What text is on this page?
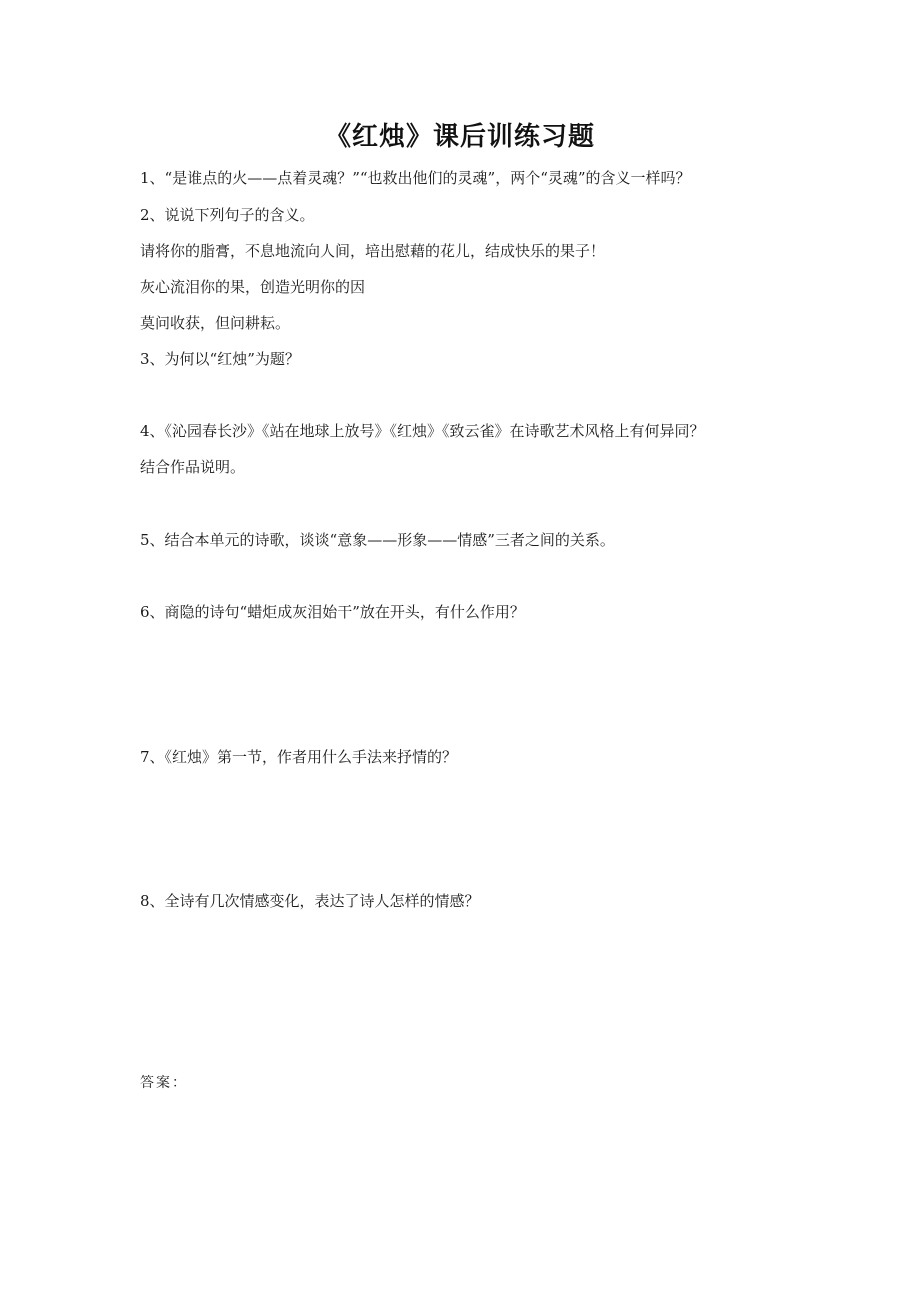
《红烛》课后训练习题
1、“是谁点的火——点着灵魂？”“也救出他们的灵魂”，两个“灵魂”的含义一样吗？
2、说说下列句子的含义。
请将你的脂膏，不息地流向人间，培出慰藉的花儿，结成快乐的果子！
灰心流泪你的果，创造光明你的因
莫问收获，但问耕耘。
3、为何以“红烛”为题？
4、《沁园春长沙》《站在地球上放号》《红烛》《致云雀》在诗歌艺术风格上有何异同？
结合作品说明。
5、结合本单元的诗歌，谈谈“意象——形象——情感”三者之间的关系。
6、商隐的诗句“蜡炬成灰泪始干”放在开头，有什么作用？
7、《红烛》第一节，作者用什么手法来抒情的？
8、全诗有几次情感变化，表达了诗人怎样的情感？
答案：
